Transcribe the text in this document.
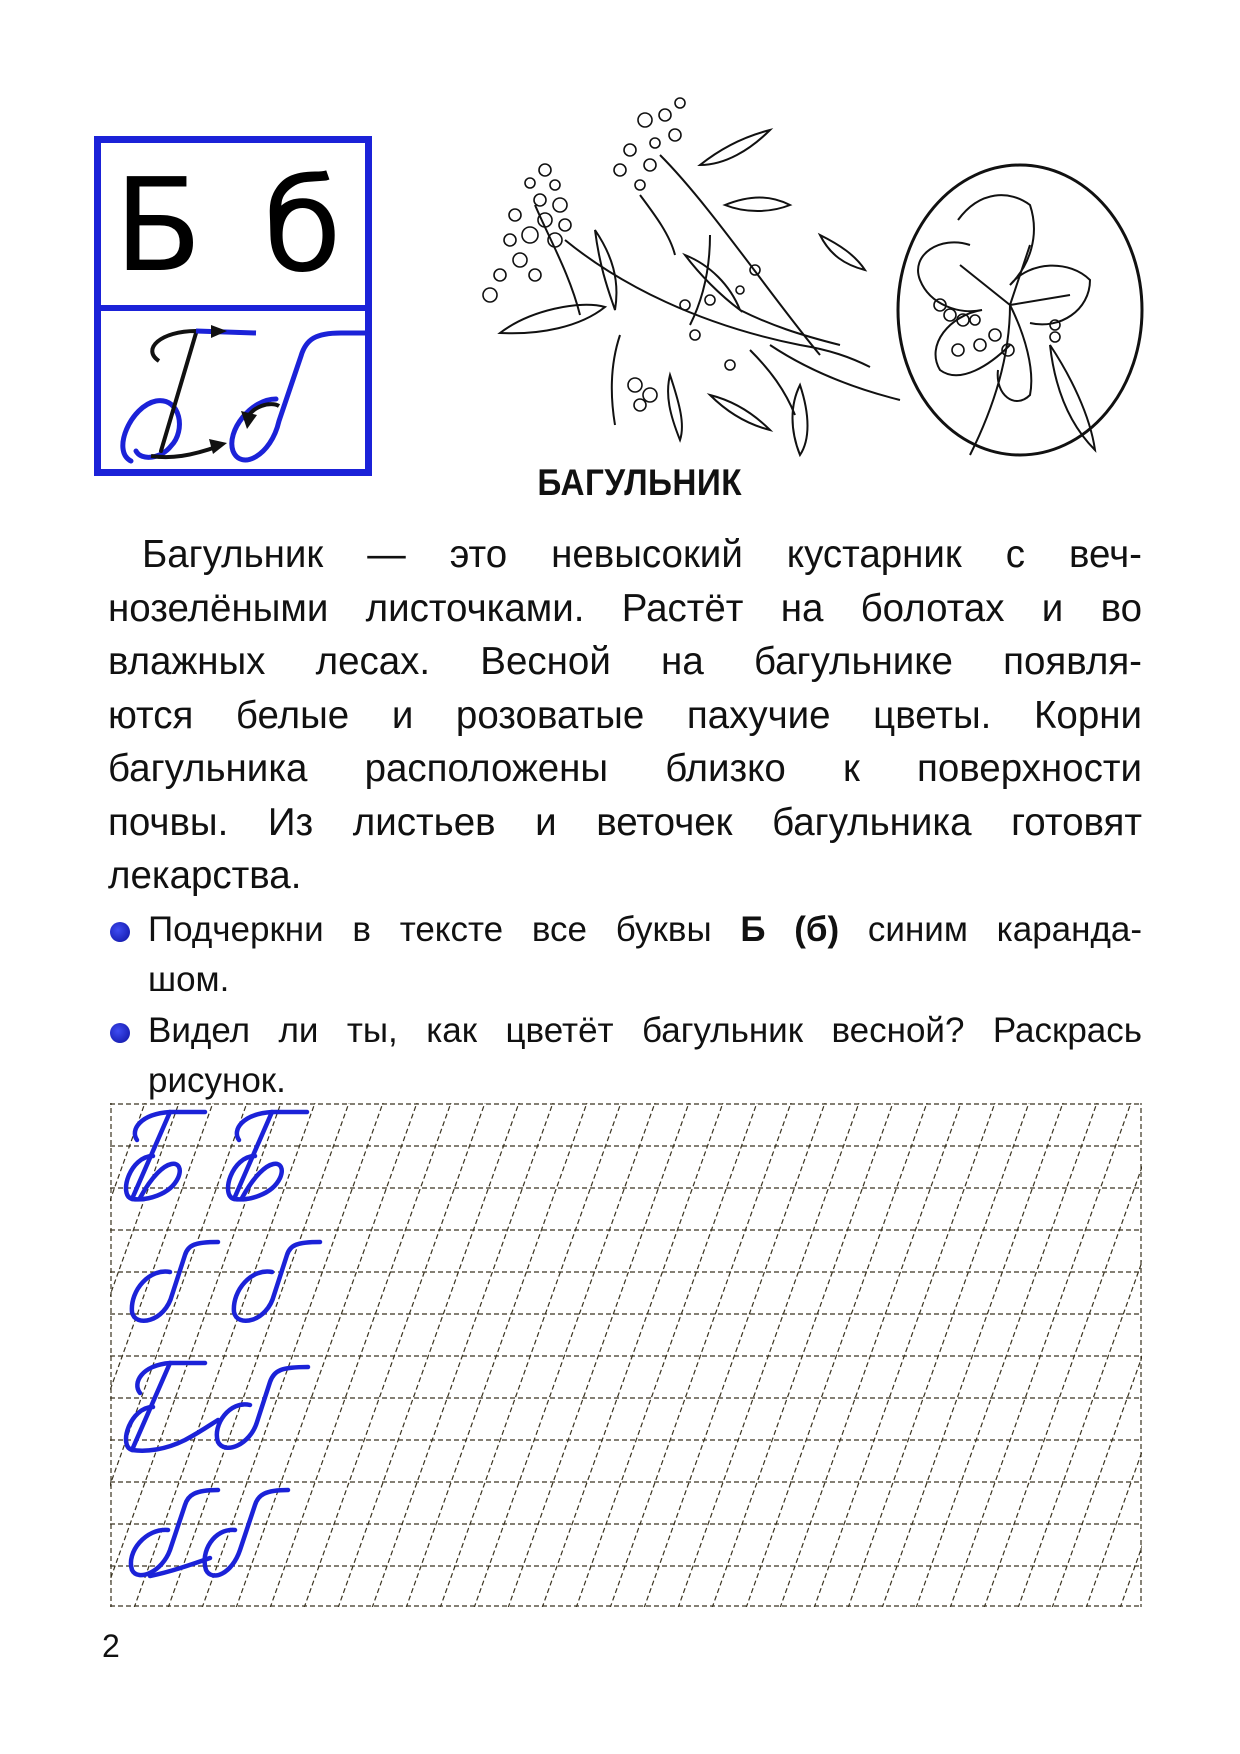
Б б
БАГУЛЬНИК
Багульник — это невысокий кустарник с веч-
нозелёными листочками. Растёт на болотах и во
влажных лесах. Весной на багульнике появля-
ются белые и розоватые пахучие цветы. Корни
багульника расположены близко к поверхности
почвы. Из листьев и веточек багульника готовят
лекарства.
Подчеркни в тексте все буквы Б (б) синим каранда-
шом.
Видел ли ты, как цветёт багульник весной? Раскрась
рисунок.
2
